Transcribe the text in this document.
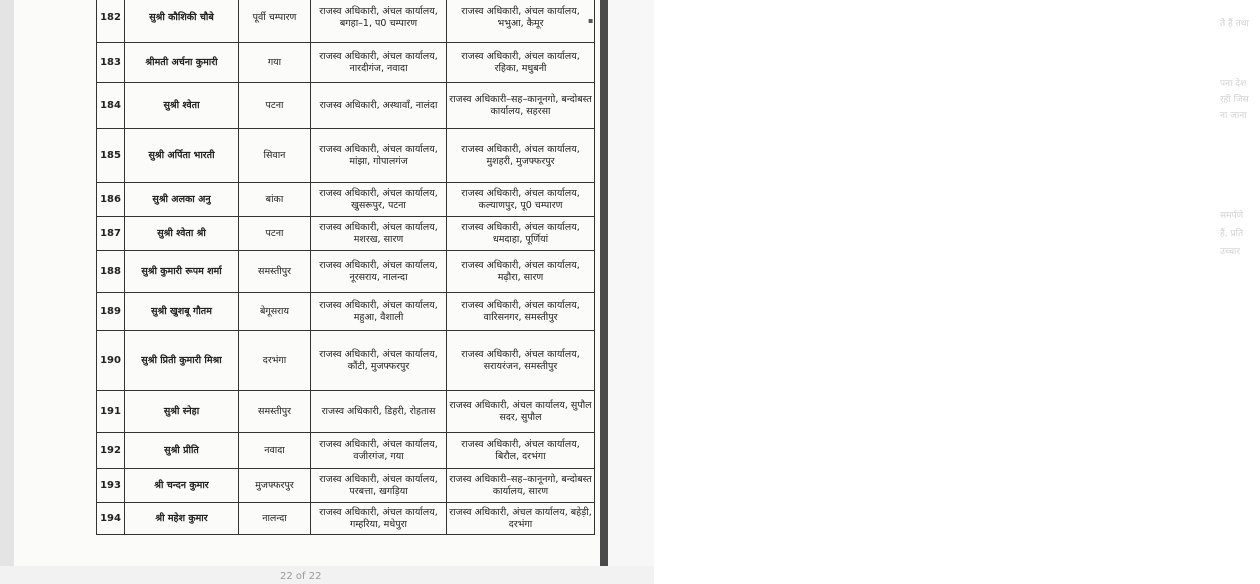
182	सुश्री कौशिकी चौबे	पूर्वी चम्पारण	राजस्व अधिकारी, अंचल कार्यालय, बगहा–1, प0 चम्पारण	राजस्व अधिकारी, अंचल कार्यालय, भभुआ, कैमूर
183	श्रीमती अर्चना कुमारी	गया	राजस्व अधिकारी, अंचल कार्यालय, नारदीगंज, नवादा	राजस्व अधिकारी, अंचल कार्यालय, रहिका, मधुबनी
184	सुश्री श्वेता	पटना	राजस्व अधिकारी, अस्थावाँ, नालंदा	राजस्व अधिकारी–सह–कानूनगो, बन्दोबस्त कार्यालय, सहरसा
185	सुश्री अर्पिता भारती	सिवान	राजस्व अधिकारी, अंचल कार्यालय, मांझा, गोपालगंज	राजस्व अधिकारी, अंचल कार्यालय, मुशहरी, मुजफ्फरपुर
186	सुश्री अलका अनु	बांका	राजस्व अधिकारी, अंचल कार्यालय, खुसरूपुर, पटना	राजस्व अधिकारी, अंचल कार्यालय, कल्याणपुर, पू0 चम्पारण
187	सुश्री श्वेता श्री	पटना	राजस्व अधिकारी, अंचल कार्यालय, मशरख, सारण	राजस्व अधिकारी, अंचल कार्यालय, धमदाहा, पूर्णियां
188	सुश्री कुमारी रूपम शर्मा	समस्तीपुर	राजस्व अधिकारी, अंचल कार्यालय, नूरसराय, नालन्दा	राजस्व अधिकारी, अंचल कार्यालय, मढ़ौरा, सारण
189	सुश्री खुशबू गौतम	बेगूसराय	राजस्व अधिकारी, अंचल कार्यालय, महुआ, वैशाली	राजस्व अधिकारी, अंचल कार्यालय, वारिसनगर, समस्तीपुर
190	सुश्री प्रिती कुमारी मिश्रा	दरभंगा	राजस्व अधिकारी, अंचल कार्यालय, कौंटी, मुजफ्फरपुर	राजस्व अधिकारी, अंचल कार्यालय, सरायरंजन, समस्तीपुर
191	सुश्री स्नेहा	समस्तीपुर	राजस्व अधिकारी, डिहरी, रोहतास	राजस्व अधिकारी, अंचल कार्यालय, सुपौल सदर, सुपौल
192	सुश्री प्रीति	नवादा	राजस्व अधिकारी, अंचल कार्यालय, वजीरगंज, गया	राजस्व अधिकारी, अंचल कार्यालय, बिरौल, दरभंगा
193	श्री चन्दन कुमार	मुजफ्फरपुर	राजस्व अधिकारी, अंचल कार्यालय, परबत्ता, खगड़िया	राजस्व अधिकारी–सह–कानूनगो, बन्दोबस्त कार्यालय, सारण
194	श्री महेश कुमार	नालन्दा	राजस्व अधिकारी, अंचल कार्यालय, गम्हरिया, मधेपुरा	राजस्व अधिकारी, अंचल कार्यालय, बहेड़ी, दरभंगा
▪	ते हैं तथा
पना देश
रही जिस
ना जाना
समर्पणे
हैं, प्रति
उच्चार
22 of 22
